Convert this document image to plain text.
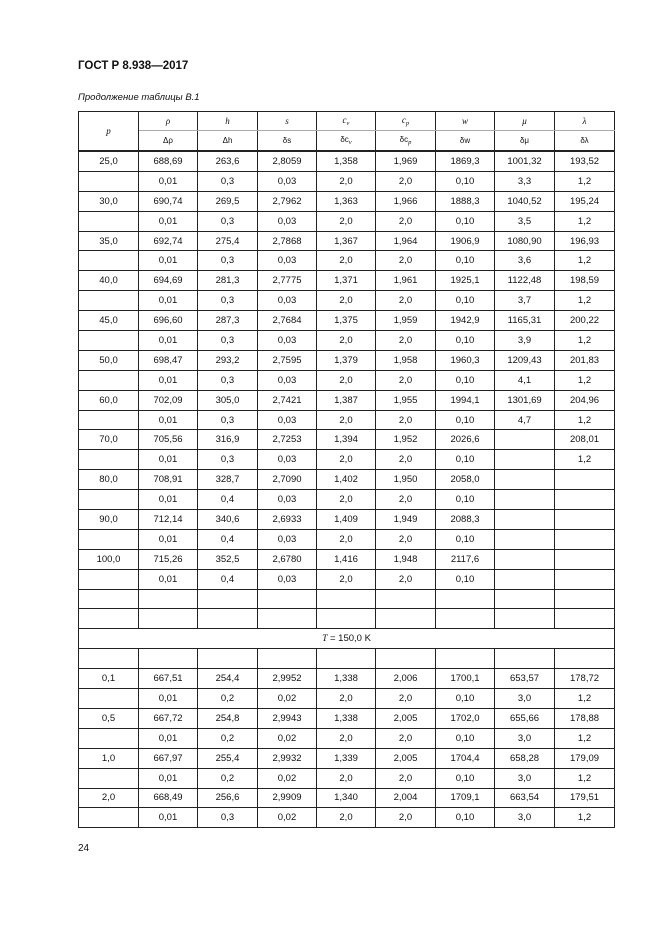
ГОСТ Р 8.938—2017
Продолжение таблицы В.1
p	ρ	h	s	$c_v$	$c_p$	w	μ	λ
	Δρ	Δh	δs	$\delta c_v$	$\delta c_p$	δw	δμ	δλ
25,0	688,69	263,6	2,8059	1,358	1,969	1869,3	1001,32	193,52
	0,01	0,3	0,03	2,0	2,0	0,10	3,3	1,2
30,0	690,74	269,5	2,7962	1,363	1,966	1888,3	1040,52	195,24
	0,01	0,3	0,03	2,0	2,0	0,10	3,5	1,2
35,0	692,74	275,4	2,7868	1,367	1,964	1906,9	1080,90	196,93
	0,01	0,3	0,03	2,0	2,0	0,10	3,6	1,2
40,0	694,69	281,3	2,7775	1,371	1,961	1925,1	1122,48	198,59
	0,01	0,3	0,03	2,0	2,0	0,10	3,7	1,2
45,0	696,60	287,3	2,7684	1,375	1,959	1942,9	1165,31	200,22
	0,01	0,3	0,03	2,0	2,0	0,10	3,9	1,2
50,0	698,47	293,2	2,7595	1,379	1,958	1960,3	1209,43	201,83
	0,01	0,3	0,03	2,0	2,0	0,10	4,1	1,2
60,0	702,09	305,0	2,7421	1,387	1,955	1994,1	1301,69	204,96
	0,01	0,3	0,03	2,0	2,0	0,10	4,7	1,2
70,0	705,56	316,9	2,7253	1,394	1,952	2026,6		208,01
	0,01	0,3	0,03	2,0	2,0	0,10		1,2
80,0	708,91	328,7	2,7090	1,402	1,950	2058,0		
	0,01	0,4	0,03	2,0	2,0	0,10		
90,0	712,14	340,6	2,6933	1,409	1,949	2088,3		
	0,01	0,4	0,03	2,0	2,0	0,10		
100,0	715,26	352,5	2,6780	1,416	1,948	2117,6		
	0,01	0,4	0,03	2,0	2,0	0,10		

T = 150,0 K								

0,1	667,51	254,4	2,9952	1,338	2,006	1700,1	653,57	178,72
	0,01	0,2	0,02	2,0	2,0	0,10	3,0	1,2
0,5	667,72	254,8	2,9943	1,338	2,005	1702,0	655,66	178,88
	0,01	0,2	0,02	2,0	2,0	0,10	3,0	1,2
1,0	667,97	255,4	2,9932	1,339	2,005	1704,4	658,28	179,09
	0,01	0,2	0,02	2,0	2,0	0,10	3,0	1,2
2,0	668,49	256,6	2,9909	1,340	2,004	1709,1	663,54	179,51
	0,01	0,3	0,02	2,0	2,0	0,10	3,0	1,2
24
